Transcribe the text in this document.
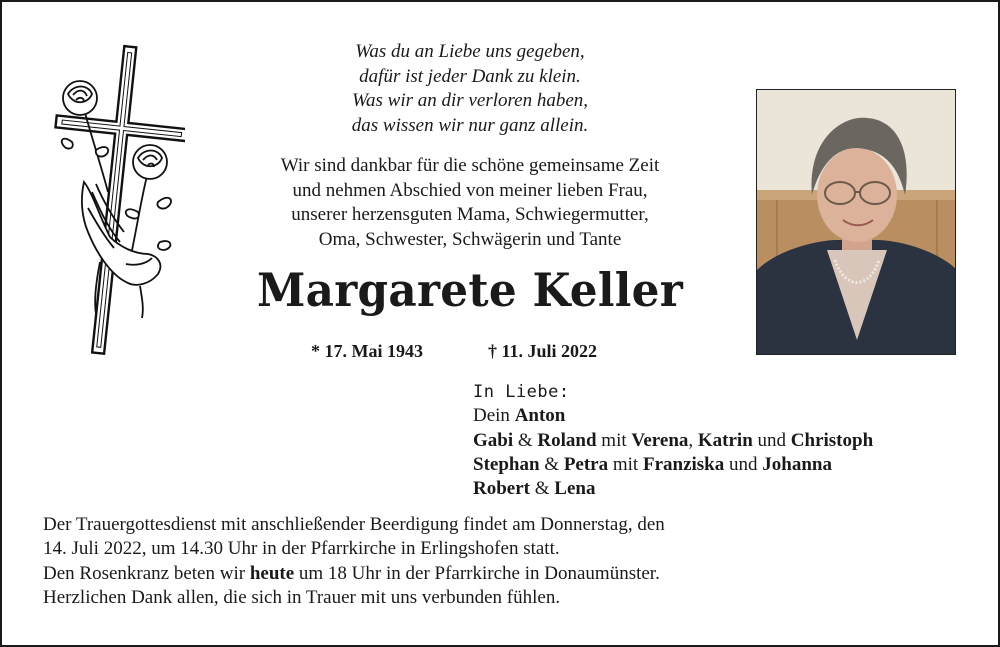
Was du an Liebe uns gegeben,
dafür ist jeder Dank zu klein.
Was wir an dir verloren haben,
das wissen wir nur ganz allein.
Wir sind dankbar für die schöne gemeinsame Zeit
und nehmen Abschied von meiner lieben Frau,
unserer herzensguten Mama, Schwiegermutter,
Oma, Schwester, Schwägerin und Tante
Margarete Keller
* 17. Mai 1943	† 11. Juli 2022
In Liebe:
Dein Anton
Gabi & Roland mit Verena, Katrin und Christoph
Stephan & Petra mit Franziska und Johanna
Robert & Lena
Der Trauergottesdienst mit anschließender Beerdigung findet am Donnerstag, den
14. Juli 2022, um 14.30 Uhr in der Pfarrkirche in Erlingshofen statt.
Den Rosenkranz beten wir heute um 18 Uhr in der Pfarrkirche in Donaumünster.
Herzlichen Dank allen, die sich in Trauer mit uns verbunden fühlen.
